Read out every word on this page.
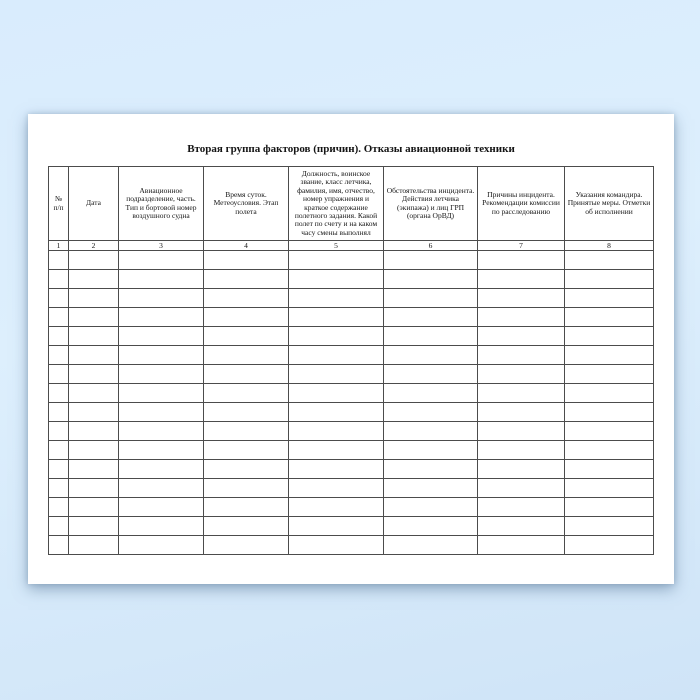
Вторая группа факторов (причин). Отказы авиационной техники
№ п/п	Дата	Авиационное подразделение, часть. Тип и бортовой номер воздушного судна	Время суток. Метеоусловия. Этап полета	Должность, воинское звание, класс летчика, фамилия, имя, отчество, номер упражнения и краткое содержание полетного задания. Какой полет по счету и на каком часу смены выполнял	Обстоятельства инцидента. Действия летчика (экипажа) и лиц ГРП (органа ОрВД)	Причины инцидента. Рекомендации комиссии по расследованию	Указания командира. Принятые меры. Отметки об исполнении
1	2	3	4	5	6	7	8
